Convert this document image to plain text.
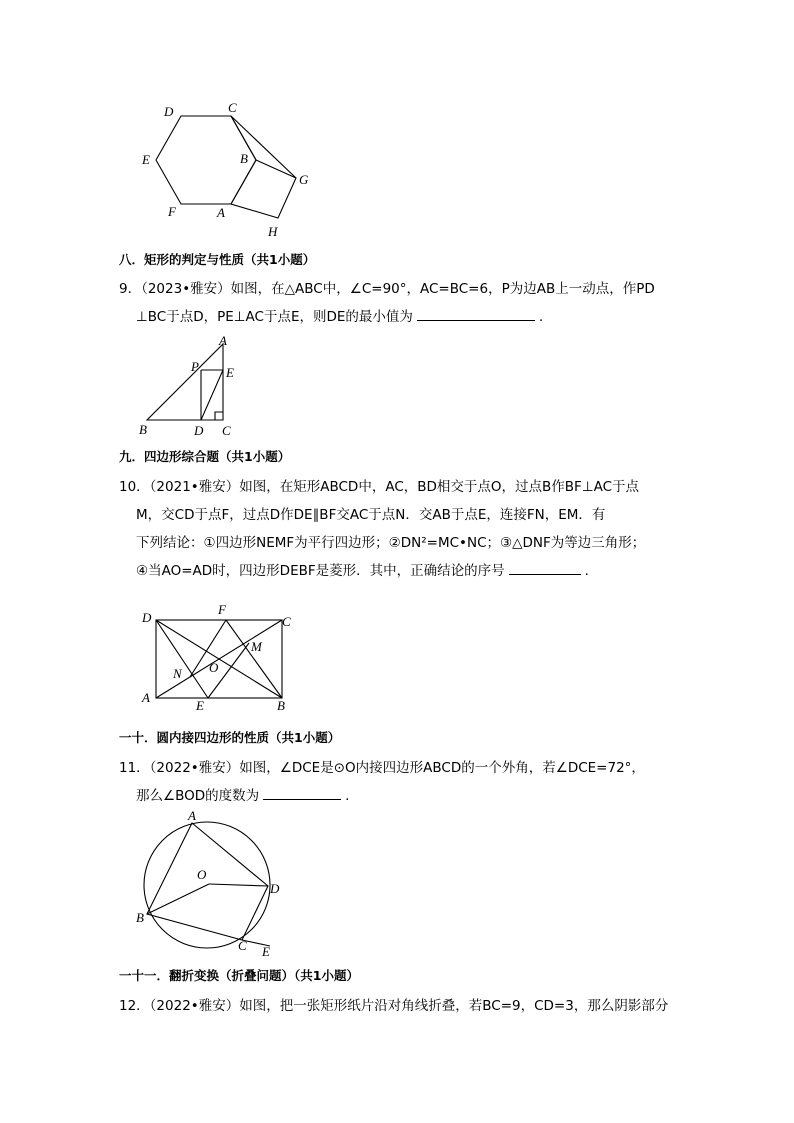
D	C
E	B
G
F	A
H
八．矩形的判定与性质（共1小题）
9．（2023•雅安）如图，在△ABC中，∠C=90°，AC=BC=6，P为边AB上一动点，作PD
⊥BC于点D，PE⊥AC于点E，则DE的最小值为	.
A
P E
B	D C
九．四边形综合题（共1小题）
10．（2021•雅安）如图，在矩形ABCD中，AC，BD相交于点O，过点B作BF⊥AC于点
M，交CD于点F，过点D作DE∥BF交AC于点N．交AB于点E，连接FN，EM．有
下列结论：①四边形NEMF为平行四边形；②DN²=MC•NC；③△DNF为等边三角形；
④当AO=AD时，四边形DEBF是菱形．其中，正确结论的序号	.
D
F
C
M
N O
A
E	B
一十．圆内接四边形的性质（共1小题）
11．（2022•雅安）如图，∠DCE是⊙O内接四边形ABCD的一个外角，若∠DCE=72°，
那么∠BOD的度数为	.
A
O
D
B
C E
一十一．翻折变换（折叠问题）（共1小题）
12．（2022•雅安）如图，把一张矩形纸片沿对角线折叠，若BC=9，CD=3，那么阴影部分
